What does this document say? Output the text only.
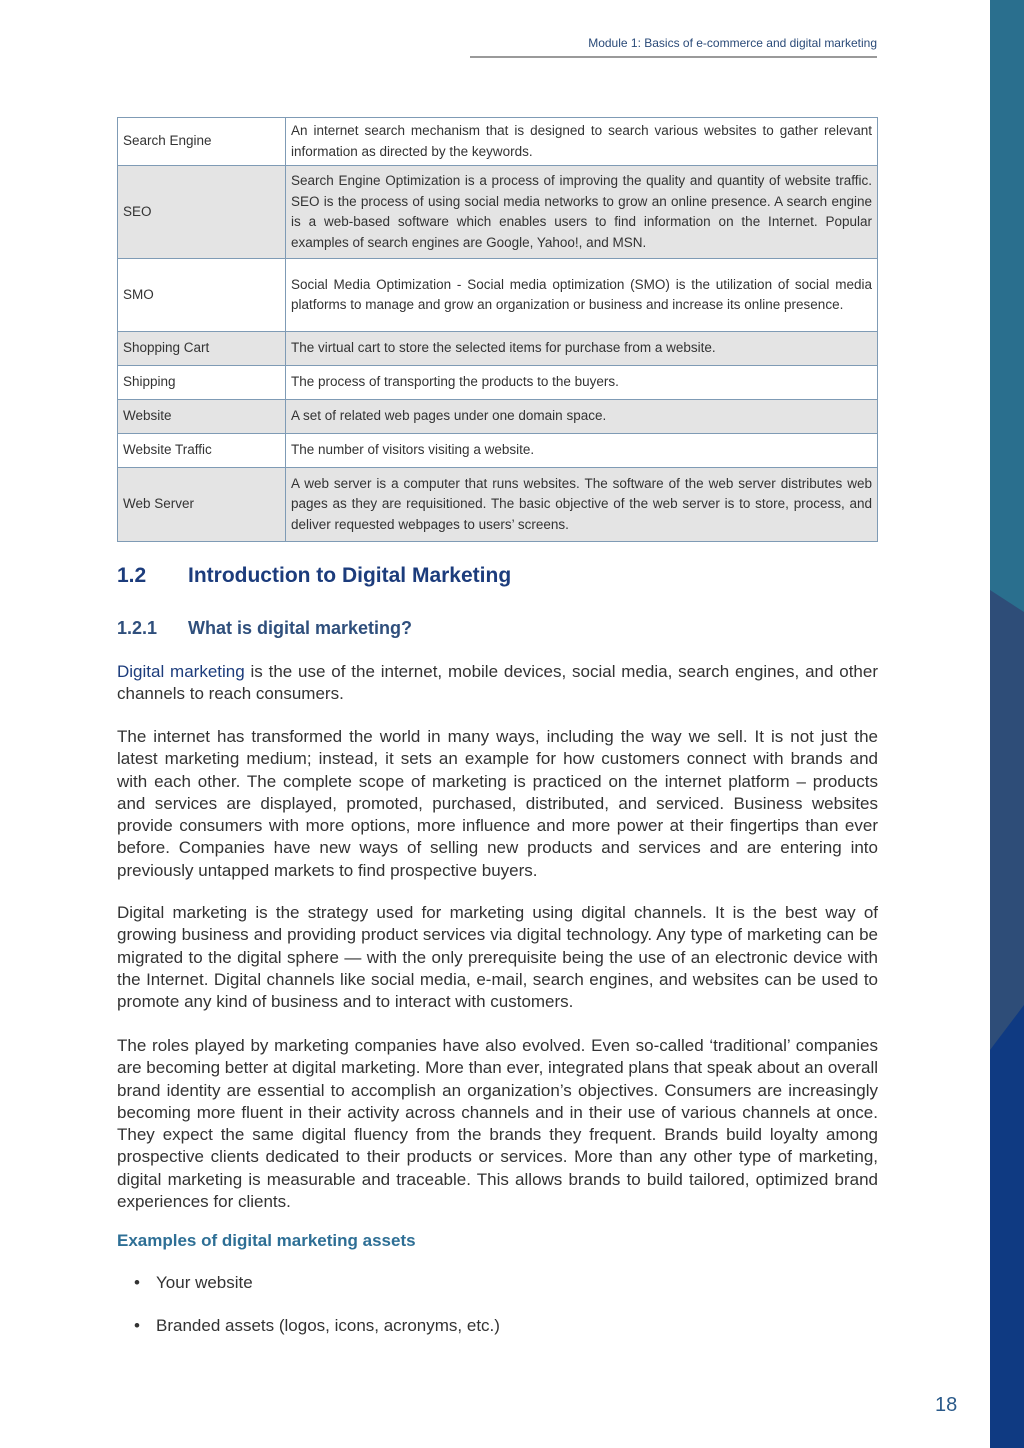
Module 1: Basics of e-commerce and digital marketing
Search Engine	An internet search mechanism that is designed to search various websites to gather relevant information as directed by the keywords.
SEO	Search Engine Optimization is a process of improving the quality and quantity of website traffic. SEO is the process of using social media networks to grow an online presence. A search engine is a web-based software which enables users to find information on the Internet. Popular examples of search engines are Google, Yahoo!, and MSN.
SMO	Social Media Optimization - Social media optimization (SMO) is the utilization of social media platforms to manage and grow an organization or business and increase its online presence.
Shopping Cart	The virtual cart to store the selected items for purchase from a website.
Shipping	The process of transporting the products to the buyers.
Website	A set of related web pages under one domain space.
Website Traffic	The number of visitors visiting a website.
Web Server	A web server is a computer that runs websites. The software of the web server distributes web pages as they are requisitioned. The basic objective of the web server is to store, process, and deliver requested webpages to users’ screens.
1.2 Introduction to Digital Marketing
1.2.1 What is digital marketing?

Digital marketing is the use of the internet, mobile devices, social media, search engines, and other channels to reach consumers.

The internet has transformed the world in many ways, including the way we sell. It is not just the latest marketing medium; instead, it sets an example for how customers connect with brands and with each other. The complete scope of marketing is practiced on the internet platform – products and services are displayed, promoted, purchased, distributed, and serviced. Business websites provide consumers with more options, more influence and more power at their fingertips than ever before. Companies have new ways of selling new products and services and are entering into previously untapped markets to find prospective buyers.

Digital marketing is the strategy used for marketing using digital channels. It is the best way of growing business and providing product services via digital technology. Any type of marketing can be migrated to the digital sphere — with the only prerequisite being the use of an electronic device with the Internet. Digital channels like social media, e-mail, search engines, and websites can be used to promote any kind of business and to interact with customers.

The roles played by marketing companies have also evolved. Even so-called ‘traditional’ companies are becoming better at digital marketing. More than ever, integrated plans that speak about an overall brand identity are essential to accomplish an organization’s objectives. Consumers are increasingly becoming more fluent in their activity across channels and in their use of various channels at once. They expect the same digital fluency from the brands they frequent. Brands build loyalty among prospective clients dedicated to their products or services. More than any other type of marketing, digital marketing is measurable and traceable. This allows brands to build tailored, optimized brand experiences for clients.

Examples of digital marketing assets
• Your website
• Branded assets (logos, icons, acronyms, etc.)
18
